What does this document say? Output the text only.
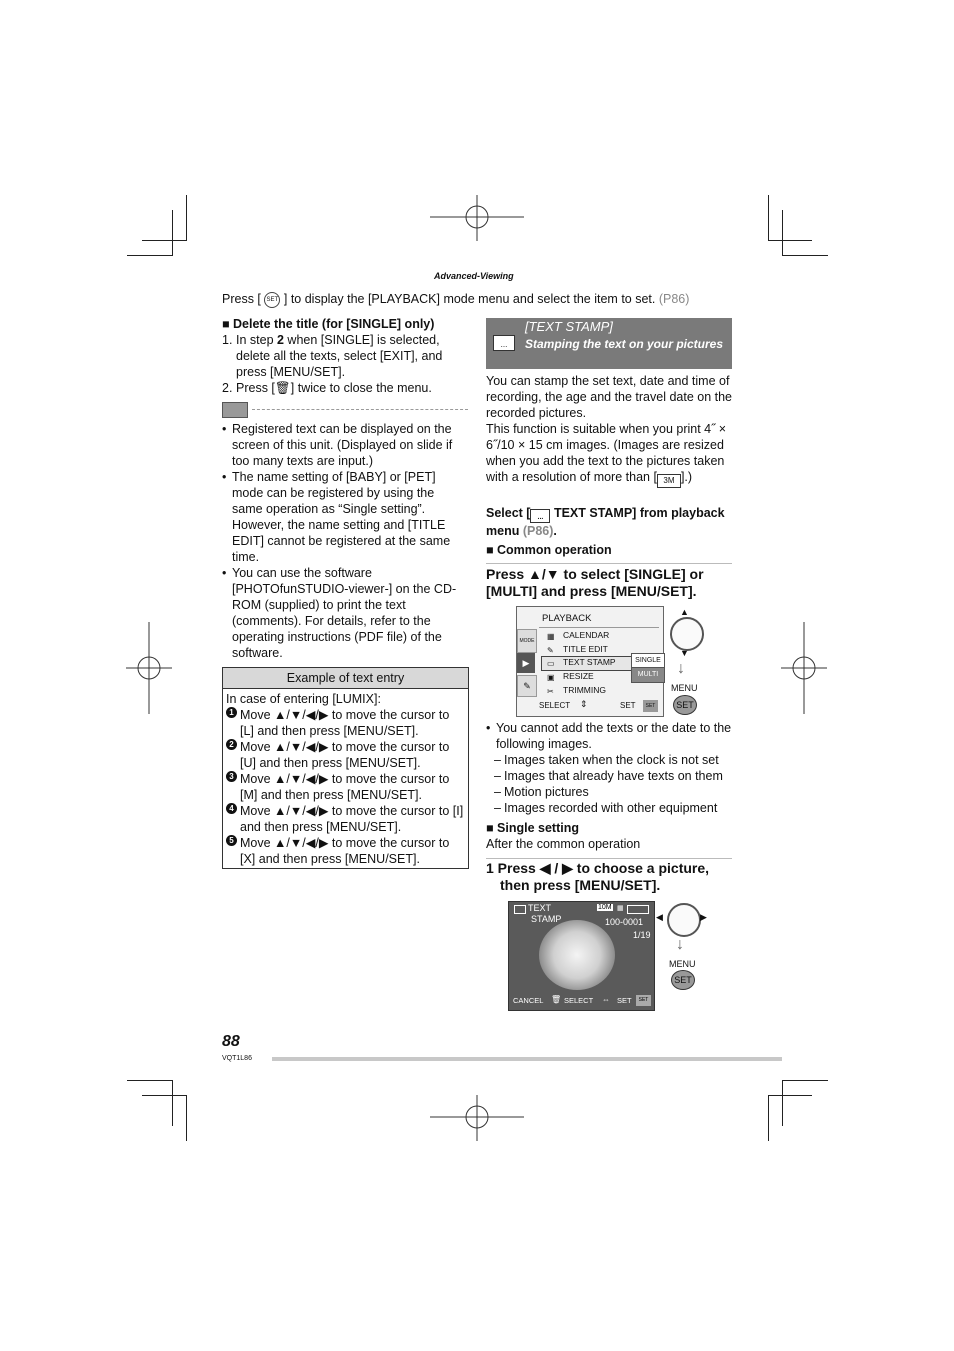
Advanced-Viewing
Press [ SET ] to display the [PLAYBACK] mode menu and select the item to set. (P86)
■ Delete the title (for [SINGLE] only)
1. In step 2 when [SINGLE] is selected, delete all the texts, select [EXIT], and press [MENU/SET].
2. Press [🗑] twice to close the menu.
• Registered text can be displayed on the screen of this unit. (Displayed on slide if too many texts are input.)
• The name setting of [BABY] or [PET] mode can be registered by using the same operation as “Single setting”. However, the name setting and [TITLE EDIT] cannot be registered at the same time.
• You can use the software [PHOTOfunSTUDIO-viewer-] on the CD-ROM (supplied) to print the text (comments). For details, refer to the operating instructions (PDF file) of the software.
Example of text entry
In case of entering [LUMIX]:
1 Move ▲/▼/◀/▶ to move the cursor to [L] and then press [MENU/SET].
2 Move ▲/▼/◀/▶ to move the cursor to [U] and then press [MENU/SET].
3 Move ▲/▼/◀/▶ to move the cursor to [M] and then press [MENU/SET].
4 Move ▲/▼/◀/▶ to move the cursor to [I] and then press [MENU/SET].
5 Move ▲/▼/◀/▶ to move the cursor to [X] and then press [MENU/SET].
...
[TEXT STAMP]
Stamping the text on your pictures
You can stamp the set text, date and time of recording, the age and the travel date on the recorded pictures.
This function is suitable when you print 4˝ × 6˝/10 × 15 cm images. (Images are resized when you add the text to the pictures taken with a resolution of more than [ 3M ].)
Select [ ... TEXT STAMP] from playback menu (P86).
■ Common operation
Press ▲/▼ to select [SINGLE] or [MULTI] and press [MENU/SET].
MODE
▶
✎
PLAYBACK
CALENDAR
TITLE EDIT
TEXT STAMP
RESIZE
TRIMMING
▦
✎
▭
▣
✂
SINGLE
MULTI
SELECT ⇕	SET	SET
▲
▼
↓
MENU
SET
• You cannot add the texts or the date to the following images.
– Images taken when the clock is not set
– Images that already have texts on them
– Motion pictures
– Images recorded with other equipment
■ Single setting
After the common operation
1 Press ◀ / ▶ to choose a picture, then press [MENU/SET].
TEXT
STAMP
10M ▦
100-0001
1/19
CANCEL 🗑 SELECT ⇔ SET	SET
◀	▶
↓
MENU
SET
88
VQT1L86
